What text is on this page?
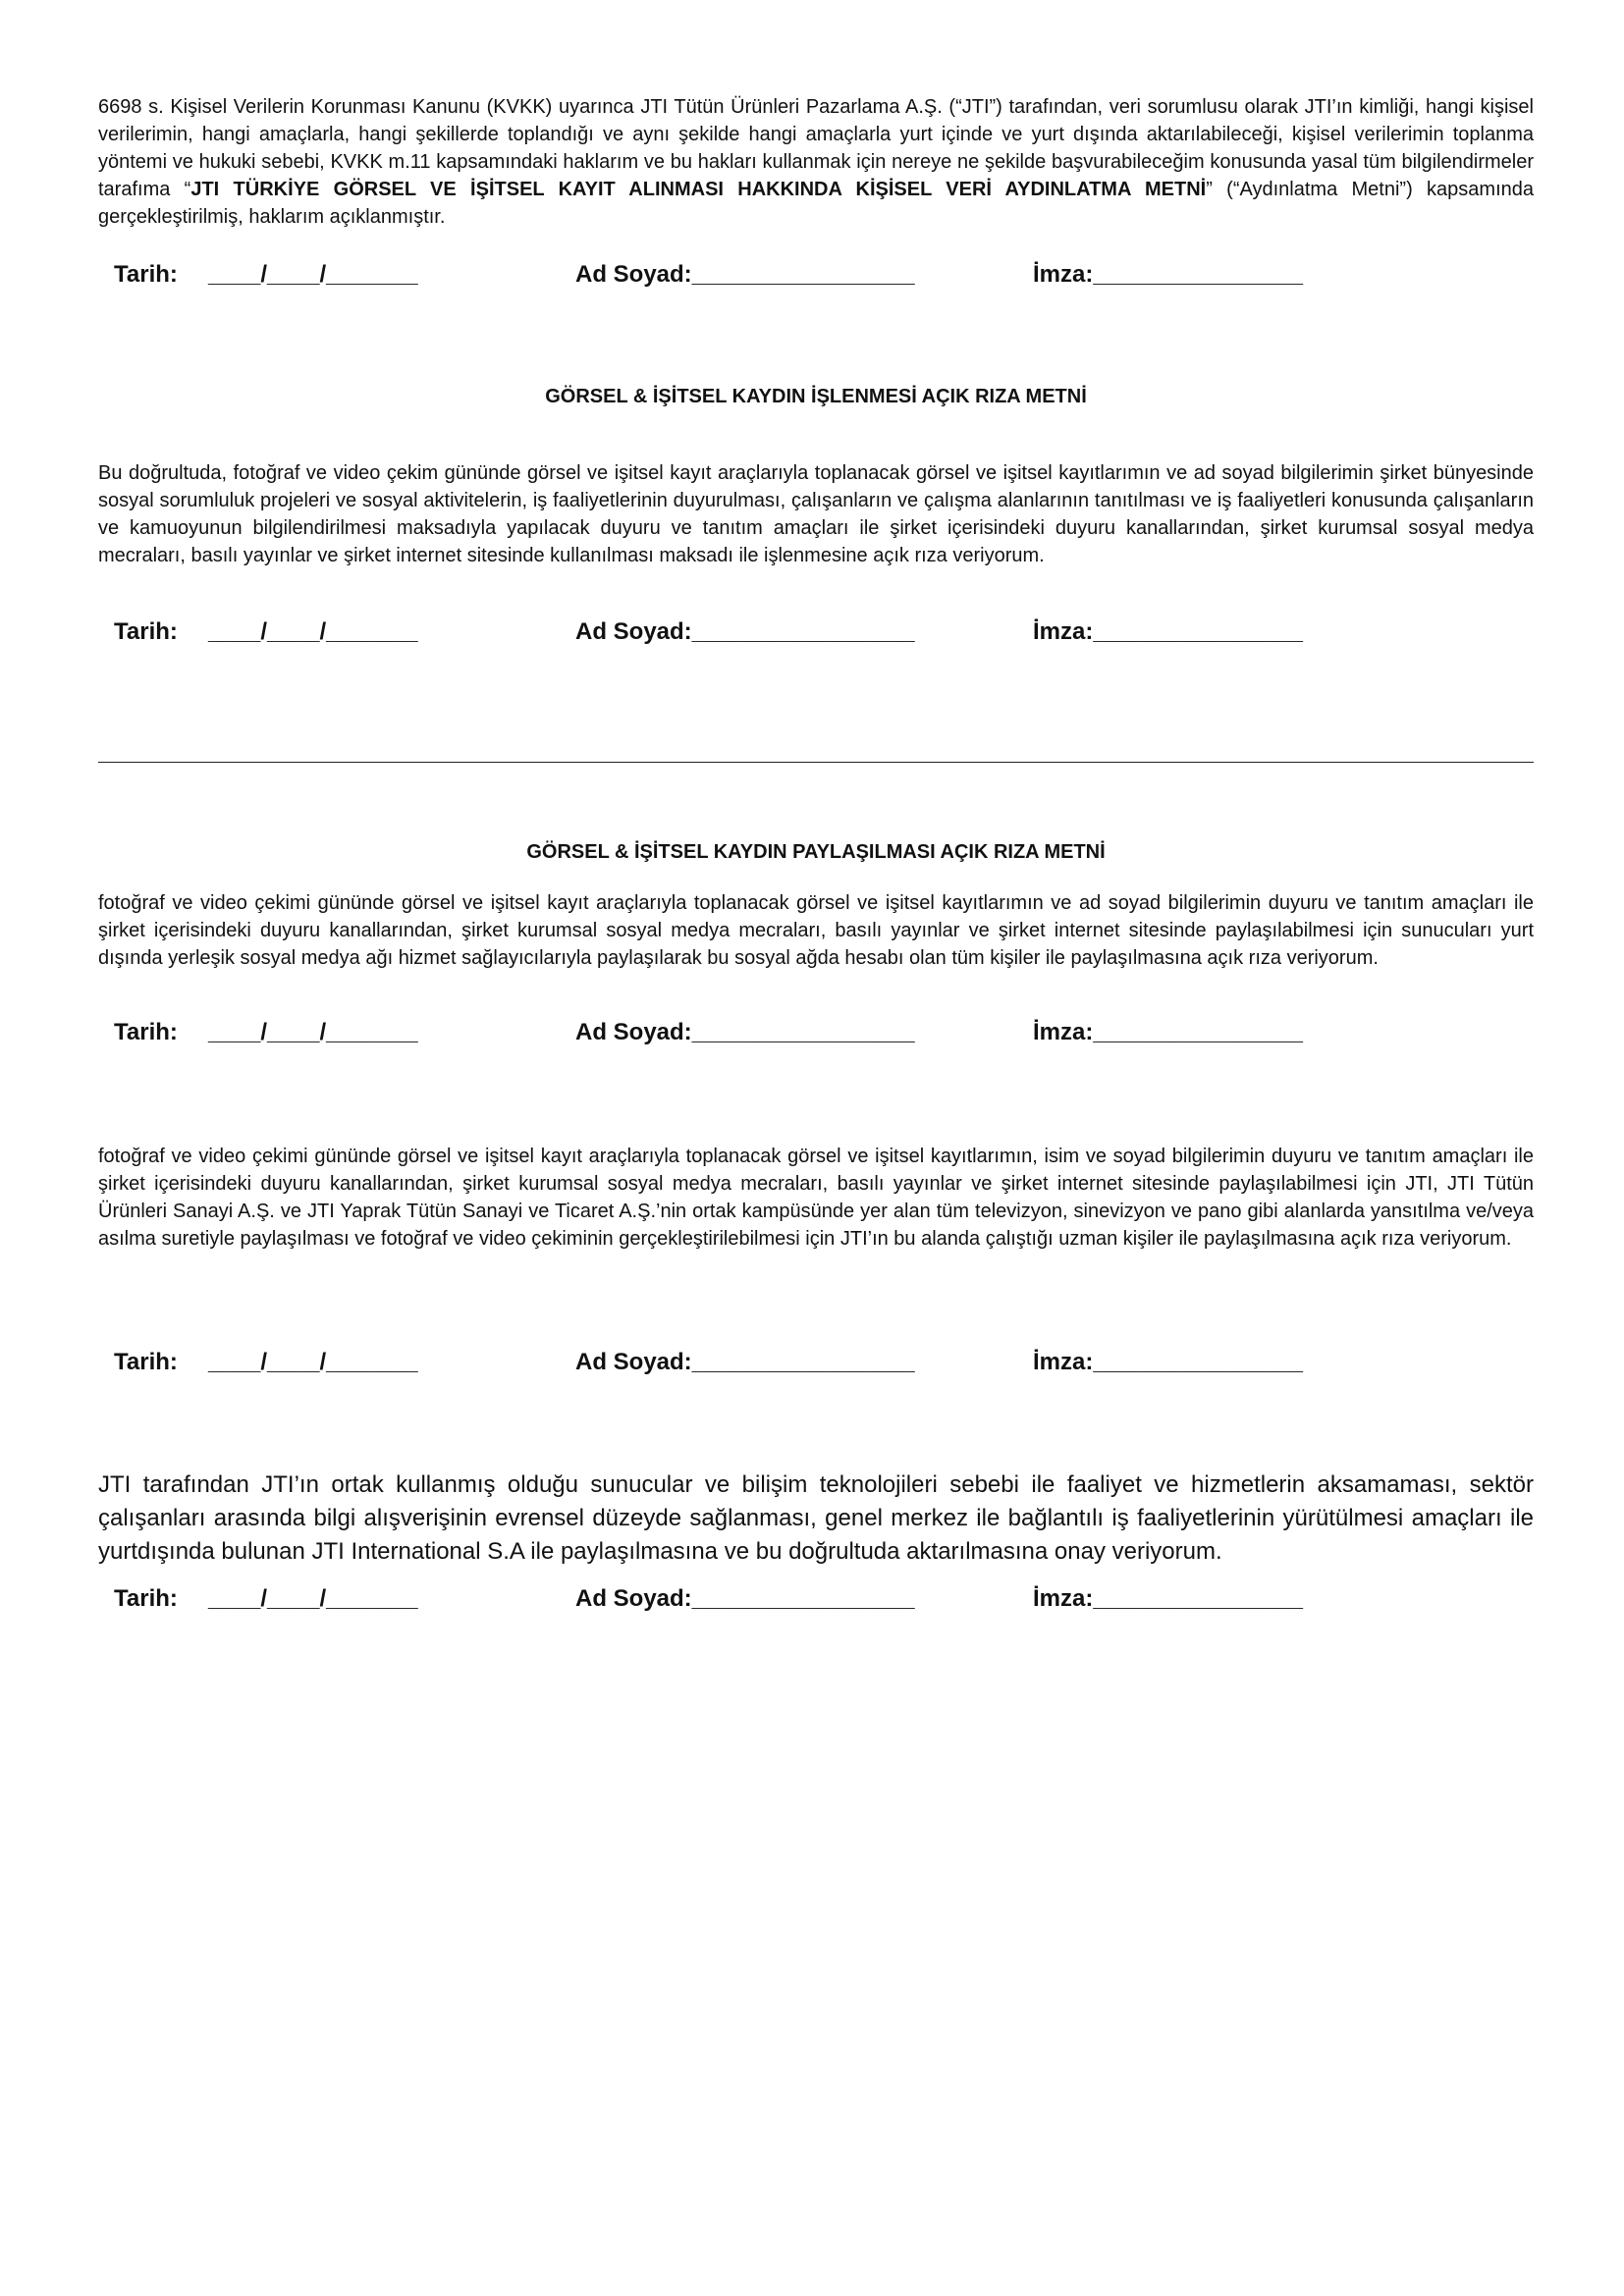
6698 s. Kişisel Verilerin Korunması Kanunu (KVKK) uyarınca JTI Tütün Ürünleri Pazarlama A.Ş. (“JTI”) tarafından, veri sorumlusu olarak JTI’ın kimliği, hangi kişisel verilerimin, hangi amaçlarla, hangi şekillerde toplandığı ve aynı şekilde hangi amaçlarla yurt içinde ve yurt dışında aktarılabileceği, kişisel verilerimin toplanma yöntemi ve hukuki sebebi, KVKK m.11 kapsamındaki haklarım ve bu hakları kullanmak için nereye ne şekilde başvurabileceğim konusunda yasal tüm bilgilendirmeler tarafıma “JTI TÜRKİYE GÖRSEL VE İŞİTSEL KAYIT ALINMASI HAKKINDA KİŞİSEL VERİ AYDINLATMA METNİ” (“Aydınlatma Metni”) kapsamında gerçekleştirilmiş, haklarım açıklanmıştır.

Tarih: ____/____/_______	Ad Soyad:_________________	İmza:________________
GÖRSEL & İŞİTSEL KAYDIN İŞLENMESİ AÇIK RIZA METNİ

Bu doğrultuda, fotoğraf ve video çekim gününde görsel ve işitsel kayıt araçlarıyla toplanacak görsel ve işitsel kayıtlarımın ve ad soyad bilgilerimin şirket bünyesinde sosyal sorumluluk projeleri ve sosyal aktivitelerin, iş faaliyetlerinin duyurulması, çalışanların ve çalışma alanlarının tanıtılması ve iş faaliyetleri konusunda çalışanların ve kamuoyunun bilgilendirilmesi maksadıyla yapılacak duyuru ve tanıtım amaçları ile şirket içerisindeki duyuru kanallarından, şirket kurumsal sosyal medya mecraları, basılı yayınlar ve şirket internet sitesinde kullanılması maksadı ile işlenmesine açık rıza veriyorum.

Tarih: ____/____/_______	Ad Soyad:_________________	İmza:________________
GÖRSEL & İŞİTSEL KAYDIN PAYLAŞILMASI AÇIK RIZA METNİ

fotoğraf ve video çekimi gününde görsel ve işitsel kayıt araçlarıyla toplanacak görsel ve işitsel kayıtlarımın ve ad soyad bilgilerimin duyuru ve tanıtım amaçları ile şirket içerisindeki duyuru kanallarından, şirket kurumsal sosyal medya mecraları, basılı yayınlar ve şirket internet sitesinde paylaşılabilmesi için sunucuları yurt dışında yerleşik sosyal medya ağı hizmet sağlayıcılarıyla paylaşılarak bu sosyal ağda hesabı olan tüm kişiler ile paylaşılmasına açık rıza veriyorum.

Tarih: ____/____/_______	Ad Soyad:_________________	İmza:________________

fotoğraf ve video çekimi gününde görsel ve işitsel kayıt araçlarıyla toplanacak görsel ve işitsel kayıtlarımın, isim ve soyad bilgilerimin duyuru ve tanıtım amaçları ile şirket içerisindeki duyuru kanallarından, şirket kurumsal sosyal medya mecraları, basılı yayınlar ve şirket internet sitesinde paylaşılabilmesi için JTI, JTI Tütün Ürünleri Sanayi A.Ş. ve JTI Yaprak Tütün Sanayi ve Ticaret A.Ş.’nin ortak kampüsünde yer alan tüm televizyon, sinevizyon ve pano gibi alanlarda yansıtılma ve/veya asılma suretiyle paylaşılması ve fotoğraf ve video çekiminin gerçekleştirilebilmesi için JTI’ın bu alanda çalıştığı uzman kişiler ile paylaşılmasına açık rıza veriyorum.

Tarih: ____/____/_______	Ad Soyad:_________________	İmza:________________

JTI tarafından JTI’ın ortak kullanmış olduğu sunucular ve bilişim teknolojileri sebebi ile faaliyet ve hizmetlerin aksamaması, sektör çalışanları arasında bilgi alışverişinin evrensel düzeyde sağlanması, genel merkez ile bağlantılı iş faaliyetlerinin yürütülmesi amaçları ile yurtdışında bulunan JTI International S.A ile paylaşılmasına ve bu doğrultuda aktarılmasına onay veriyorum.

Tarih: ____/____/_______	Ad Soyad:_________________	İmza:________________
